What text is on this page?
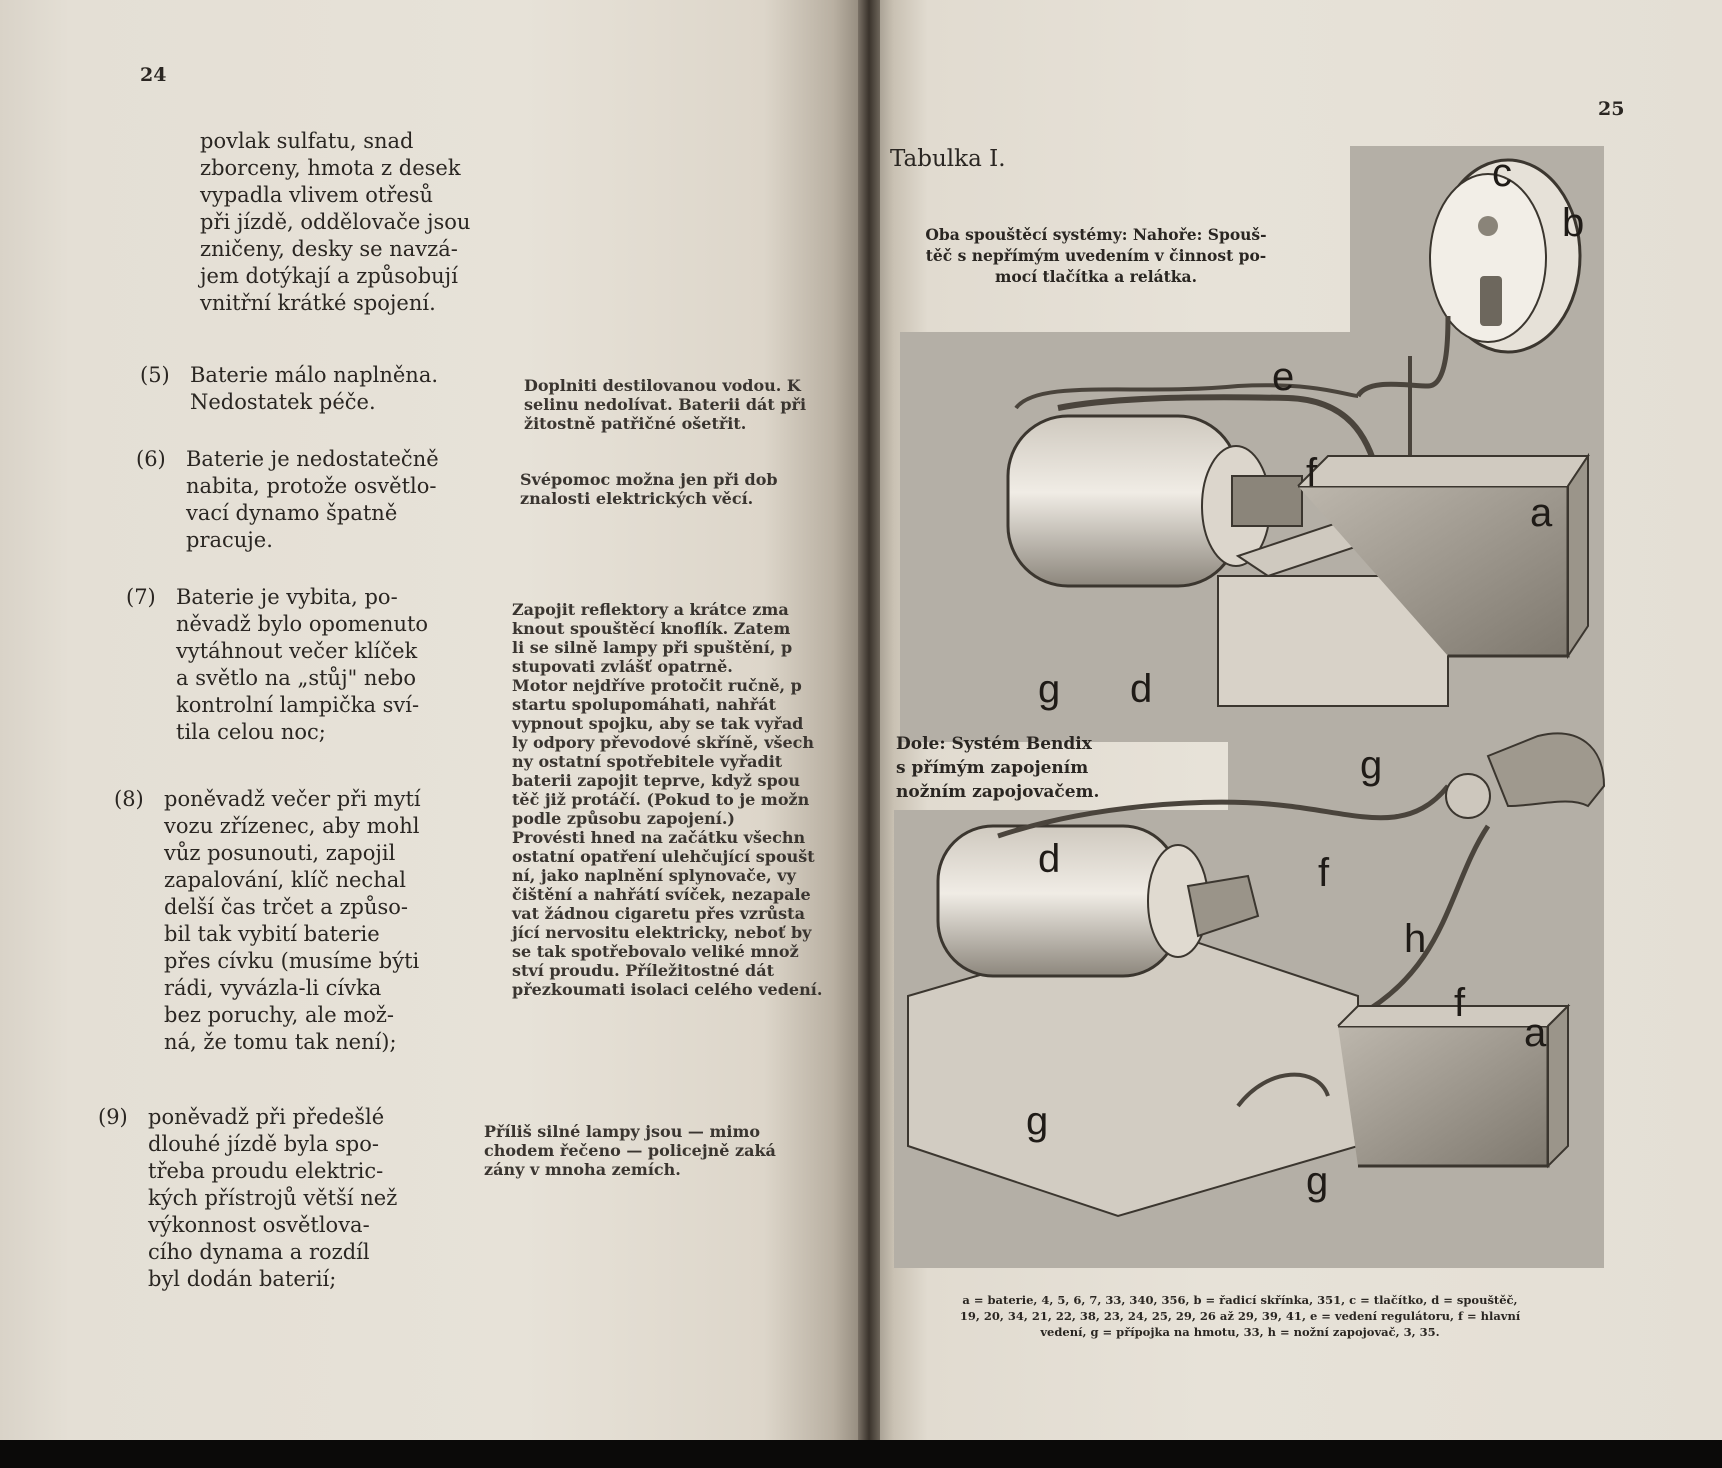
24
povlak sulfatu, snad
zborceny, hmota z desek
vypadla vlivem otřesů
při jízdě, oddělovače jsou
zničeny, desky se navzá-
jem dotýkají a způsobují
vnitřní krátké spojení.
(5) Baterie málo naplněna.
Nedostatek péče.
(6) Baterie je nedostatečně
nabita, protože osvětlo-
vací dynamo špatně
pracuje.
(7) Baterie je vybita, po-
něvadž bylo opomenuto
vytáhnout večer klíček
a světlo na „stůj" nebo
kontrolní lampička sví-
tila celou noc;
(8) poněvadž večer při mytí
vozu zřízenec, aby mohl
vůz posunouti, zapojil
zapalování, klíč nechal
delší čas trčet a způso-
bil tak vybití baterie
přes cívku (musíme býti
rádi, vyvázla-li cívka
bez poruchy, ale mož-
ná, že tomu tak není);
(9) poněvadž při předešlé
dlouhé jízdě byla spo-
třeba proudu elektric-
kých přístrojů větší než
výkonnost osvětlova-
cího dynama a rozdíl
byl dodán baterií;
Doplniti destilovanou vodou. K
selinu nedolívat. Baterii dát při
žitostně patřičné ošetřit.
Svépomoc možna jen při dob
znalosti elektrických věcí.
Zapojit reflektory a krátce zma
knout spouštěcí knoflík. Zatem
li se silně lampy při spuštění, p
stupovati zvlášť opatrně.
Motor nejdříve protočit ručně, p
startu spolupomáhati, nahřát
vypnout spojku, aby se tak vyřad
ly odpory převodové skříně, všech
ny ostatní spotřebitele vyřadit
baterii zapojit teprve, když spou
těč již protáčí. (Pokud to je možn
podle způsobu zapojení.)
Provésti hned na začátku všechn
ostatní opatření ulehčující spoušt
ní, jako naplnění splynovače, vy
čištění a nahřátí svíček, nezapale
vat žádnou cigaretu přes vzrůsta
jící nervositu elektricky, neboť by
se tak spotřebovalo veliké množ
ství proudu. Příležitostné dát
přezkoumati isolaci celého vedení.
Příliš silné lampy jsou — mimo
chodem řečeno — policejně zaká
zány v mnoha zemích.
25
Tabulka I.	c
b
e
f
a
g d
g
d	f
h
f
a
g
g
Oba spouštěcí systémy: Nahoře: Spouš-
těč s nepřímým uvedením v činnost po-
mocí tlačítka a relátka.
Dole: Systém Bendix
s přímým zapojením
nožním zapojovačem.
a = baterie, 4, 5, 6, 7, 33, 340, 356, b = řadicí skřínka, 351, c = tlačítko, d = spouštěč,
19, 20, 34, 21, 22, 38, 23, 24, 25, 29, 26 až 29, 39, 41, e = vedení regulátoru, f = hlavní
vedení, g = přípojka na hmotu, 33, h = nožní zapojovač, 3, 35.
